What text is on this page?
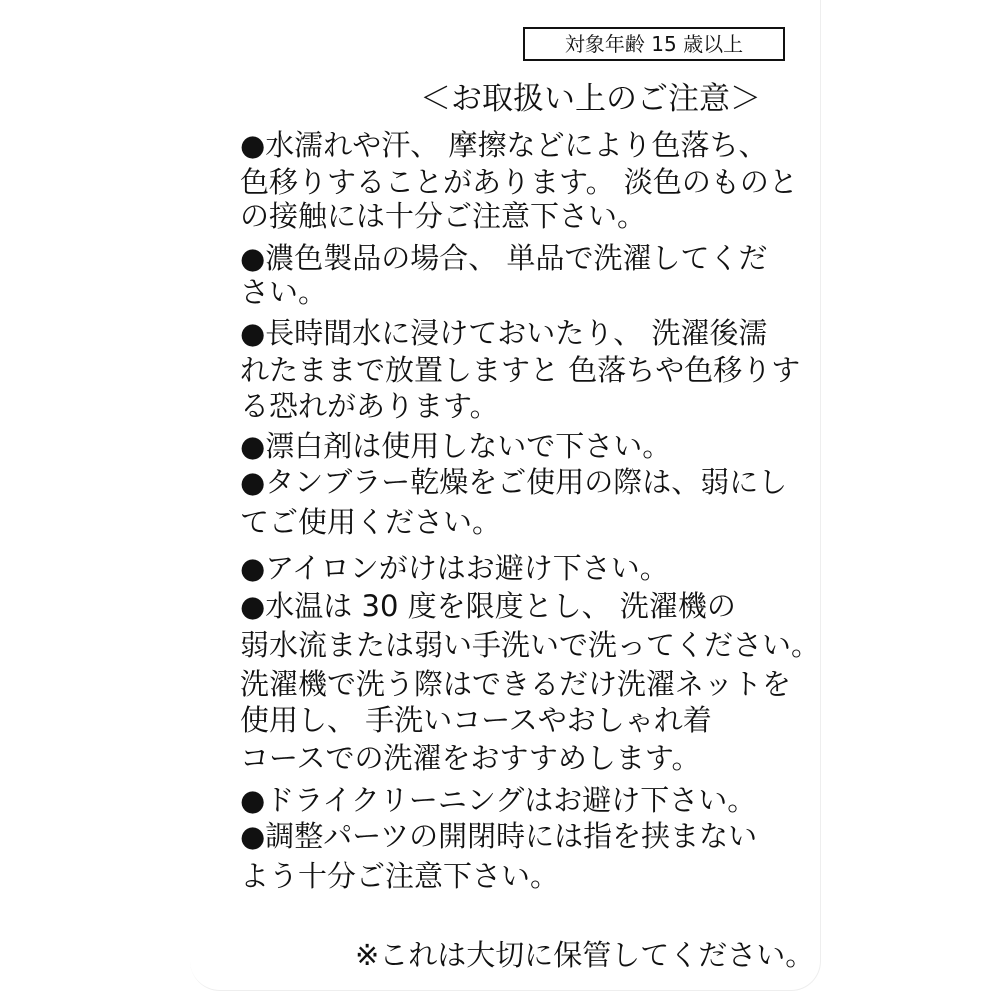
対象年齢 15 歳以上
＜お取扱い上のご注意＞
●水濡れや汗、 摩擦などにより色落ち、
色移りすることがあります。 淡色のものと
の接触には十分ご注意下さい。
●濃色製品の場合、 単品で洗濯してくだ
さい。
●長時間水に浸けておいたり、 洗濯後濡
れたままで放置しますと 色落ちや色移りす
る恐れがあります。
●漂白剤は使用しないで下さい。
●タンブラー乾燥をご使用の際は、弱にし
てご使用ください。
●アイロンがけはお避け下さい。
●水温は 30 度を限度とし、 洗濯機の
弱水流または弱い手洗いで洗ってください。
洗濯機で洗う際はできるだけ洗濯ネットを
使用し、 手洗いコースやおしゃれ着
コースでの洗濯をおすすめします。
●ドライクリーニングはお避け下さい。
●調整パーツの開閉時には指を挟まない
よう十分ご注意下さい。
※これは大切に保管してください。
